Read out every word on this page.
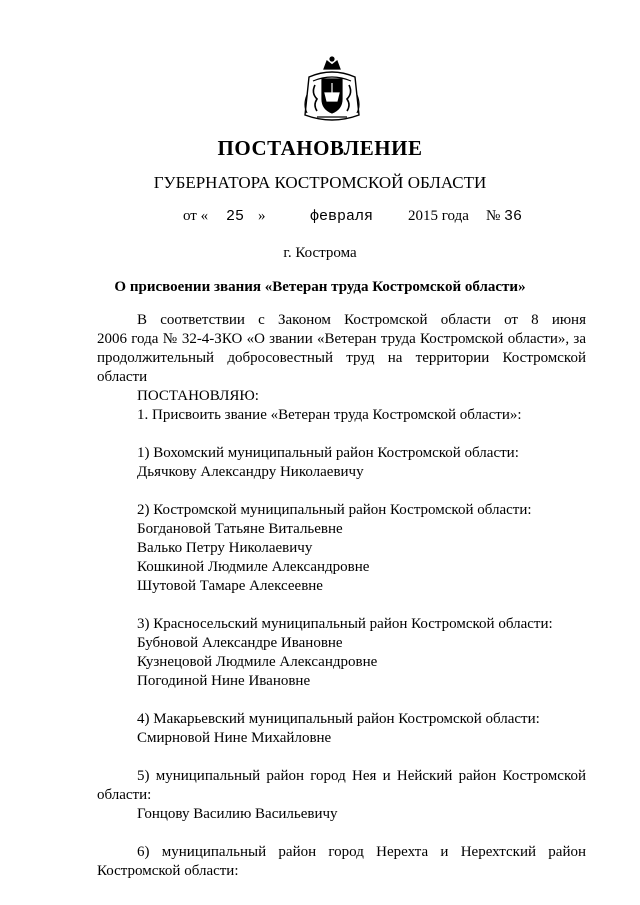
ПОСТАНОВЛЕНИЕ
ГУБЕРНАТОРА КОСТРОМСКОЙ ОБЛАСТИ
от « 25 »	февраля 2015 года № 36
г. Кострома
О присвоении звания «Ветеран труда Костромской области»
В соответствии с Законом Костромской области от 8 июня
2006 года № 32-4-ЗКО «О звании «Ветеран труда Костромской области», за продолжительный добросовестный труд на территории Костромской области
ПОСТАНОВЛЯЮ:
1. Присвоить звание «Ветеран труда Костромской области»:
1) Вохомский муниципальный район Костромской области:
Дьячкову Александру Николаевичу
2) Костромской муниципальный район Костромской области:
Богдановой Татьяне Витальевне
Валько Петру Николаевичу
Кошкиной Людмиле Александровне
Шутовой Тамаре Алексеевне
3) Красносельский муниципальный район Костромской области:
Бубновой Александре Ивановне
Кузнецовой Людмиле Александровне
Погодиной Нине Ивановне
4) Макарьевский муниципальный район Костромской области:
Смирновой Нине Михайловне
5) муниципальный район город Нея и Нейский район Костромской
области:
Гонцову Василию Васильевичу
6) муниципальный район город Нерехта и Нерехтский район
Костромской области:
